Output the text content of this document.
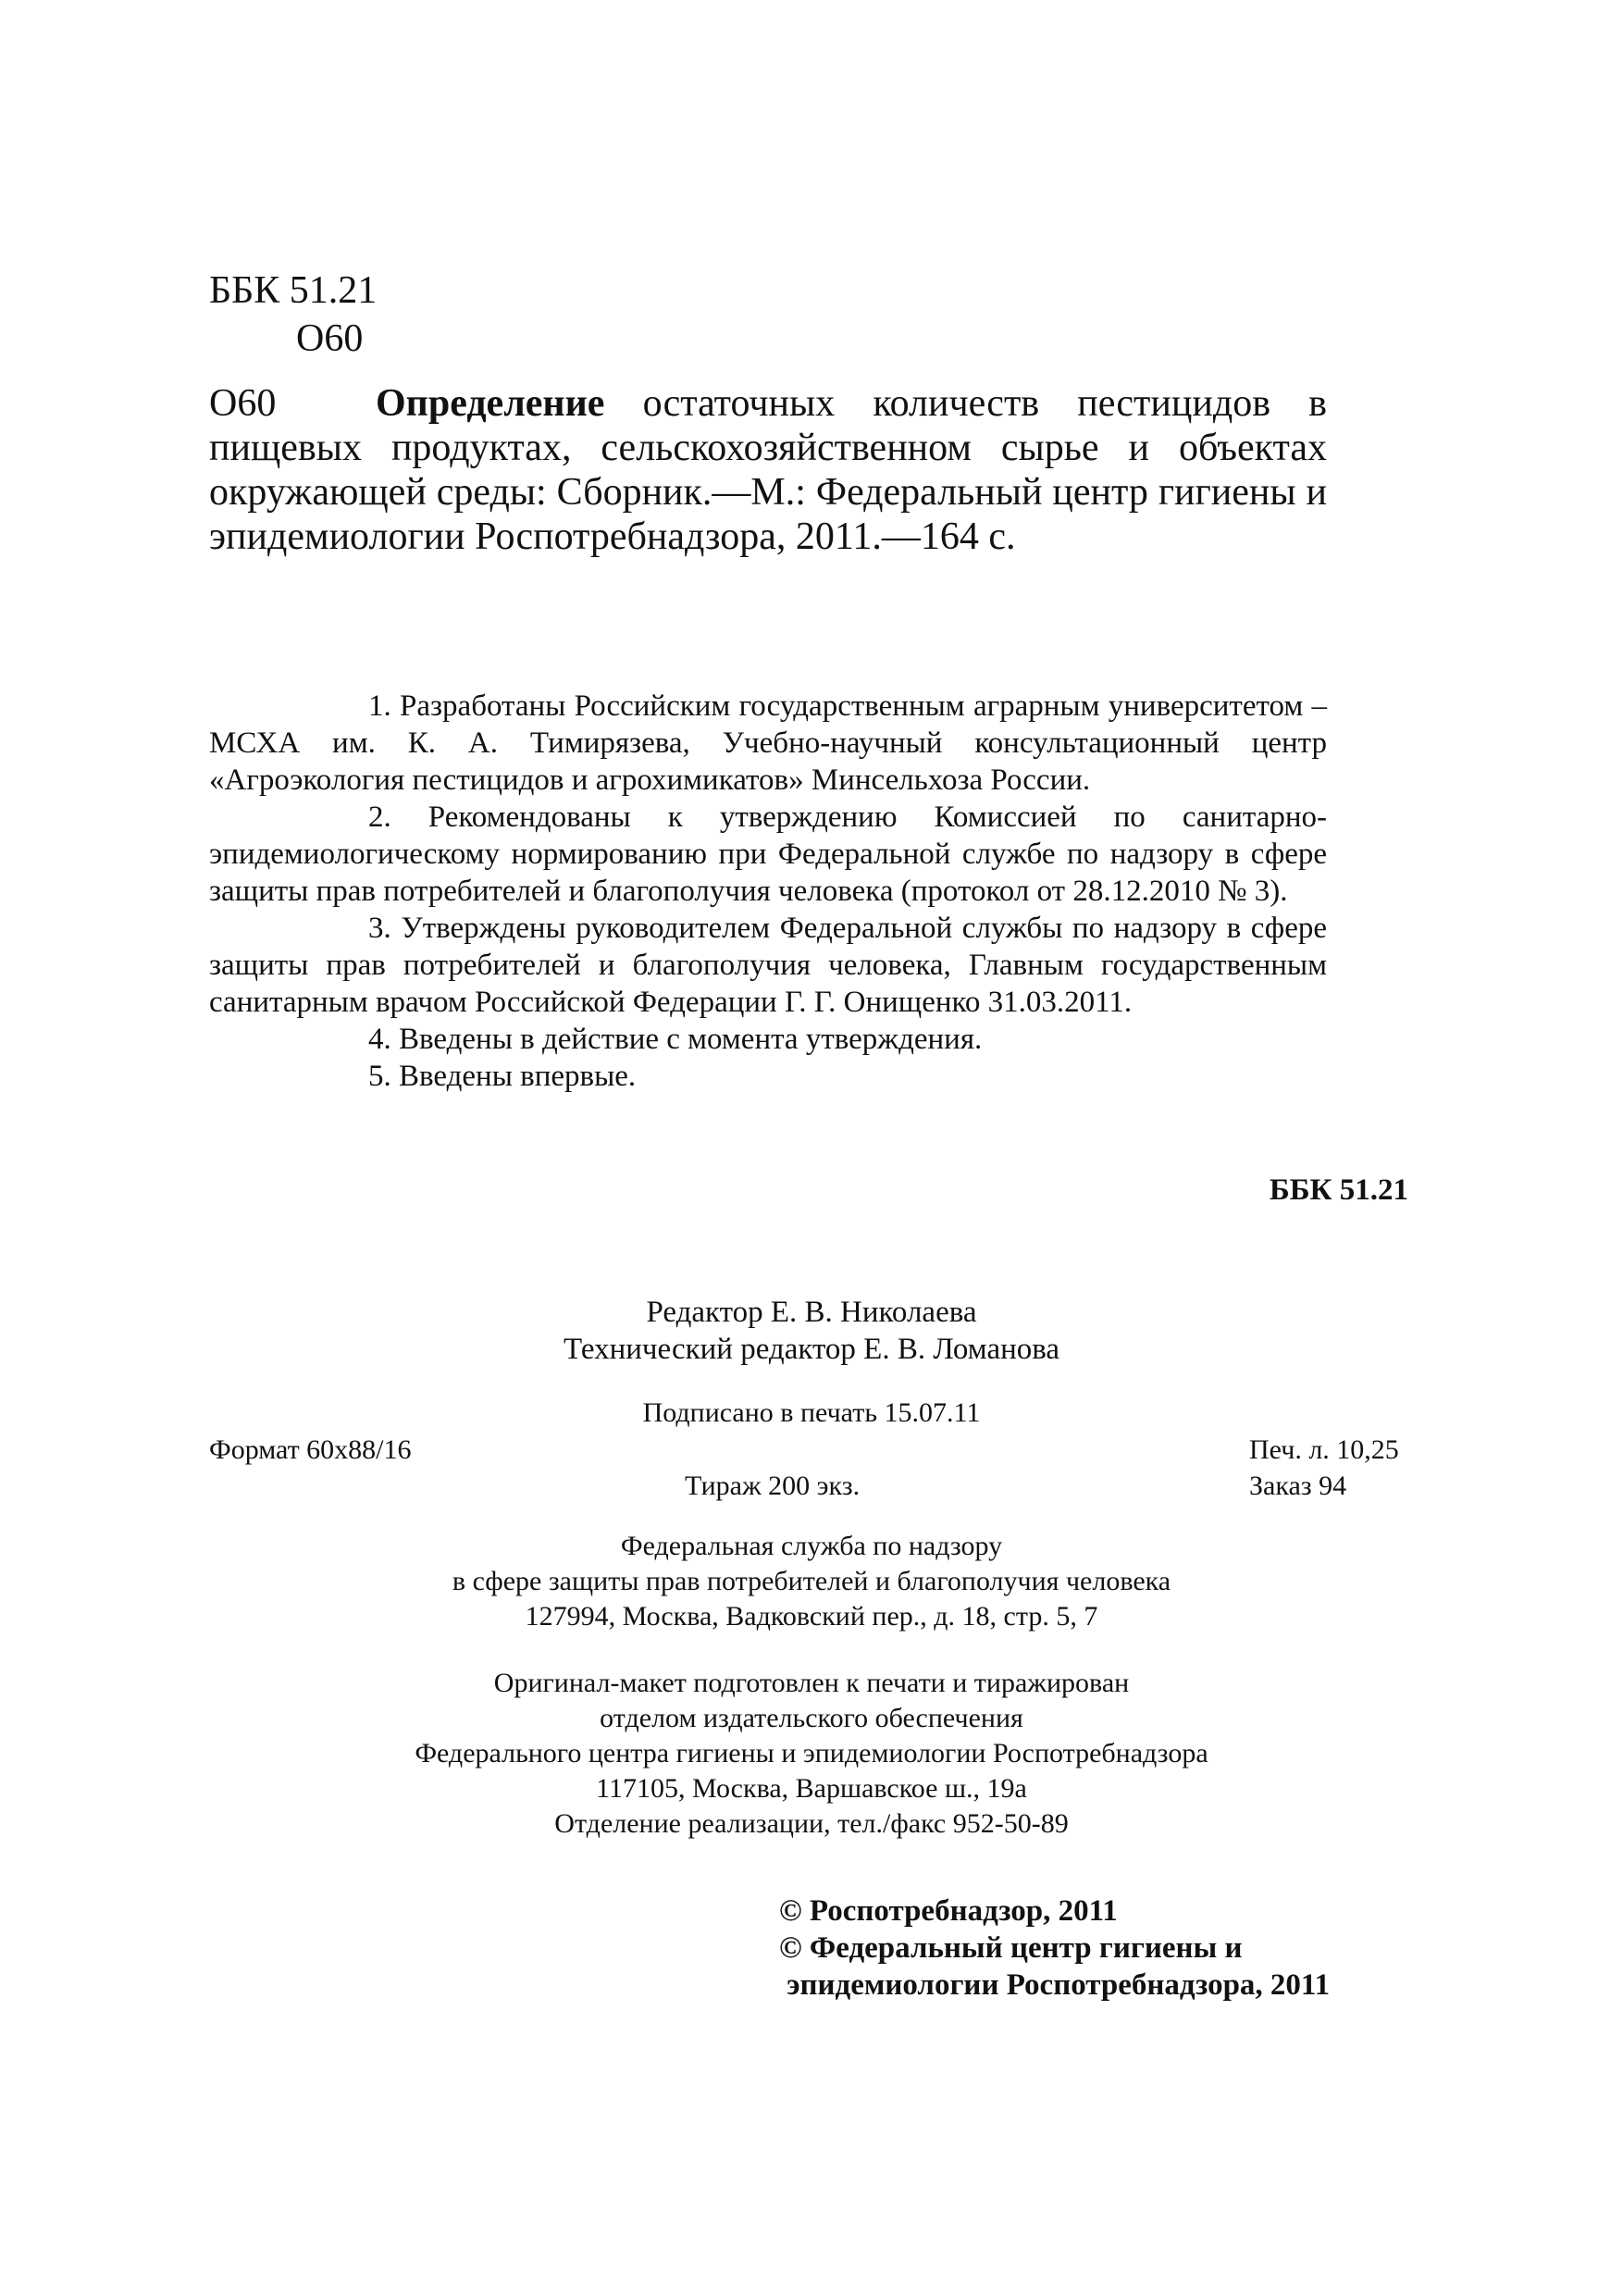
ББК 51.21
О60
О60	Определение остаточных количеств пестицидов в пищевых продуктах, сельскохозяйственном сырье и объектах окружающей среды: Сборник.—М.: Федеральный центр гигиены и эпидемиологии Роспотребнадзора, 2011.—164 с.

1. Разработаны Российским государственным аграрным университетом – МСХА им. К. А. Тимирязева, Учебно-научный консультационный центр «Агроэкология пестицидов и агрохимикатов» Минсельхоза России.

2. Рекомендованы к утверждению Комиссией по санитарно-эпидемиологическому нормированию при Федеральной службе по надзору в сфере защиты прав потребителей и благополучия человека (протокол от 28.12.2010 № 3).

3. Утверждены руководителем Федеральной службы по надзору в сфере защиты прав потребителей и благополучия человека, Главным государственным санитарным врачом Российской Федерации Г. Г. Онищенко 31.03.2011.

4. Введены в действие с момента утверждения.

5. Введены впервые.

ББК 51.21
Редактор Е. В. Николаева
Технический редактор Е. В. Ломанова
Подписано в печать 15.07.11
Формат 60x88/16	Печ. л. 10,25
Тираж 200 экз.	Заказ 94
Федеральная служба по надзору
в сфере защиты прав потребителей и благополучия человека
127994, Москва, Вадковский пер., д. 18, стр. 5, 7
Оригинал-макет подготовлен к печати и тиражирован
отделом издательского обеспечения
Федерального центра гигиены и эпидемиологии Роспотребнадзора
117105, Москва, Варшавское ш., 19а
Отделение реализации, тел./факс 952-50-89
© Роспотребнадзор, 2011
© Федеральный центр гигиены и
эпидемиологии Роспотребнадзора, 2011
